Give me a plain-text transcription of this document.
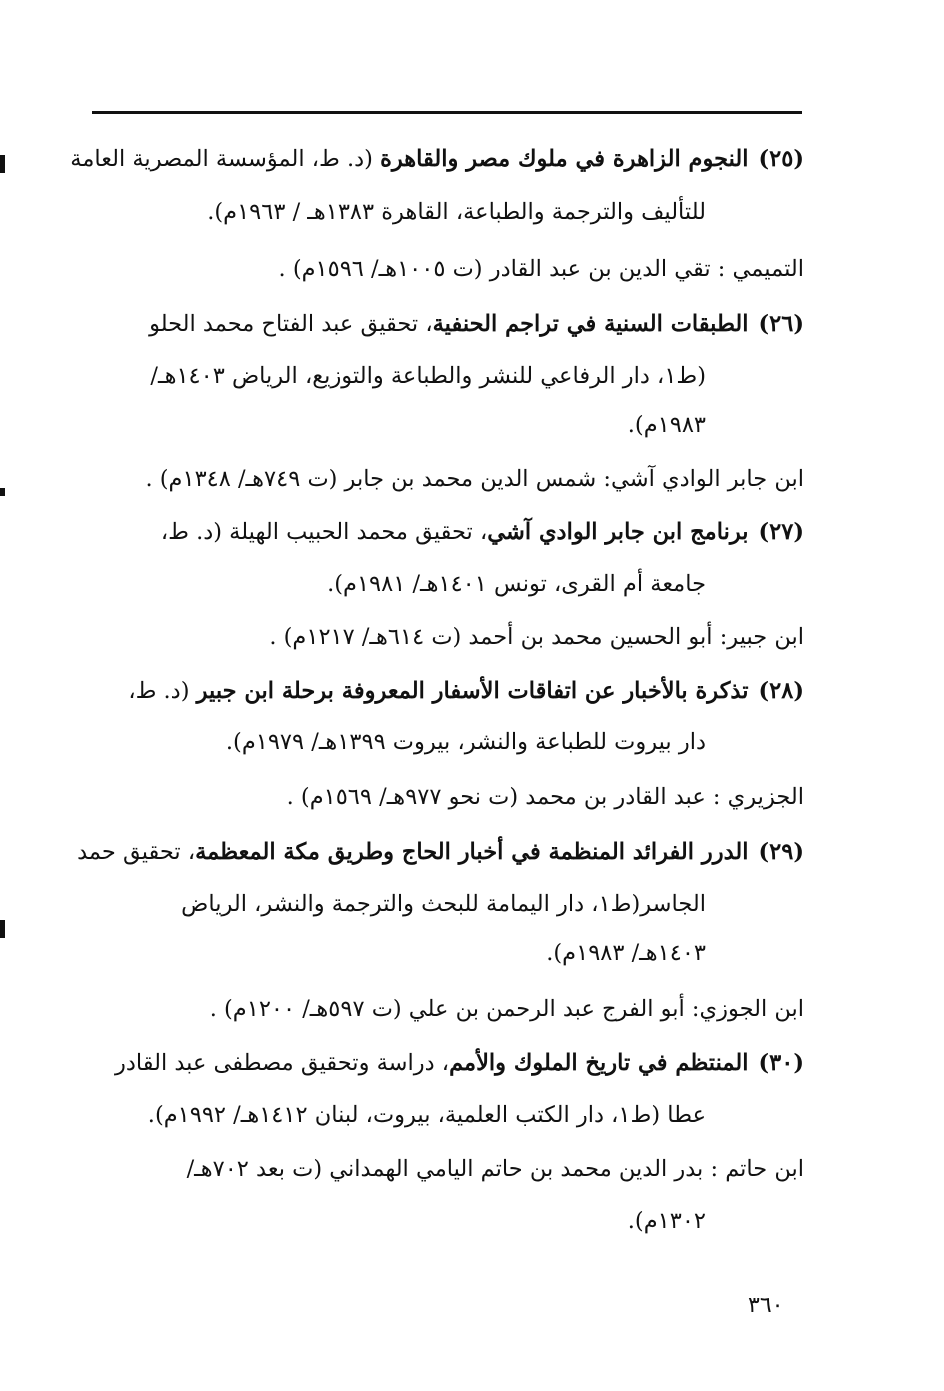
(٢٥)النجوم الزاهرة في ملوك مصر والقاهرة (د. ط، المؤسسة المصرية العامة
للتأليف والترجمة والطباعة، القاهرة ١٣٨٣هـ / ١٩٦٣م).
التميمي : تقي الدين بن عبد القادر (ت ١٠٠٥هـ/ ١٥٩٦م) .
(٢٦)الطبقات السنية في تراجم الحنفية، تحقيق عبد الفتاح محمد الحلو
(ط١، دار الرفاعي للنشر والطباعة والتوزيع، الرياض ١٤٠٣هـ/
١٩٨٣م).
ابن جابر الوادي آشي: شمس الدين محمد بن جابر (ت ٧٤٩هـ/ ١٣٤٨م) .
(٢٧)برنامج ابن جابر الوادي آشي، تحقيق محمد الحبيب الهيلة (د. ط،
جامعة أم القرى، تونس ١٤٠١هـ/ ١٩٨١م).
ابن جبير: أبو الحسين محمد بن أحمد (ت ٦١٤هـ/ ١٢١٧م) .
(٢٨)تذكرة بالأخبار عن اتفاقات الأسفار المعروفة برحلة ابن جبير (د. ط،
دار بيروت للطباعة والنشر، بيروت ١٣٩٩هـ/ ١٩٧٩م).
الجزيري : عبد القادر بن محمد (ت نحو ٩٧٧هـ/ ١٥٦٩م) .
(٢٩)الدرر الفرائد المنظمة في أخبار الحاج وطريق مكة المعظمة، تحقيق حمد
الجاسر(ط١، دار اليمامة للبحث والترجمة والنشر، الرياض
١٤٠٣هـ/ ١٩٨٣م).
ابن الجوزي: أبو الفرج عبد الرحمن بن علي (ت ٥٩٧هـ/ ١٢٠٠م) .
(٣٠)المنتظم في تاريخ الملوك والأمم، دراسة وتحقيق مصطفى عبد القادر
عطا (ط١، دار الكتب العلمية، بيروت، لبنان ١٤١٢هـ/ ١٩٩٢م).
ابن حاتم : بدر الدين محمد بن حاتم اليامي الهمداني (ت بعد ٧٠٢هـ/
١٣٠٢م).
٣٦٠
